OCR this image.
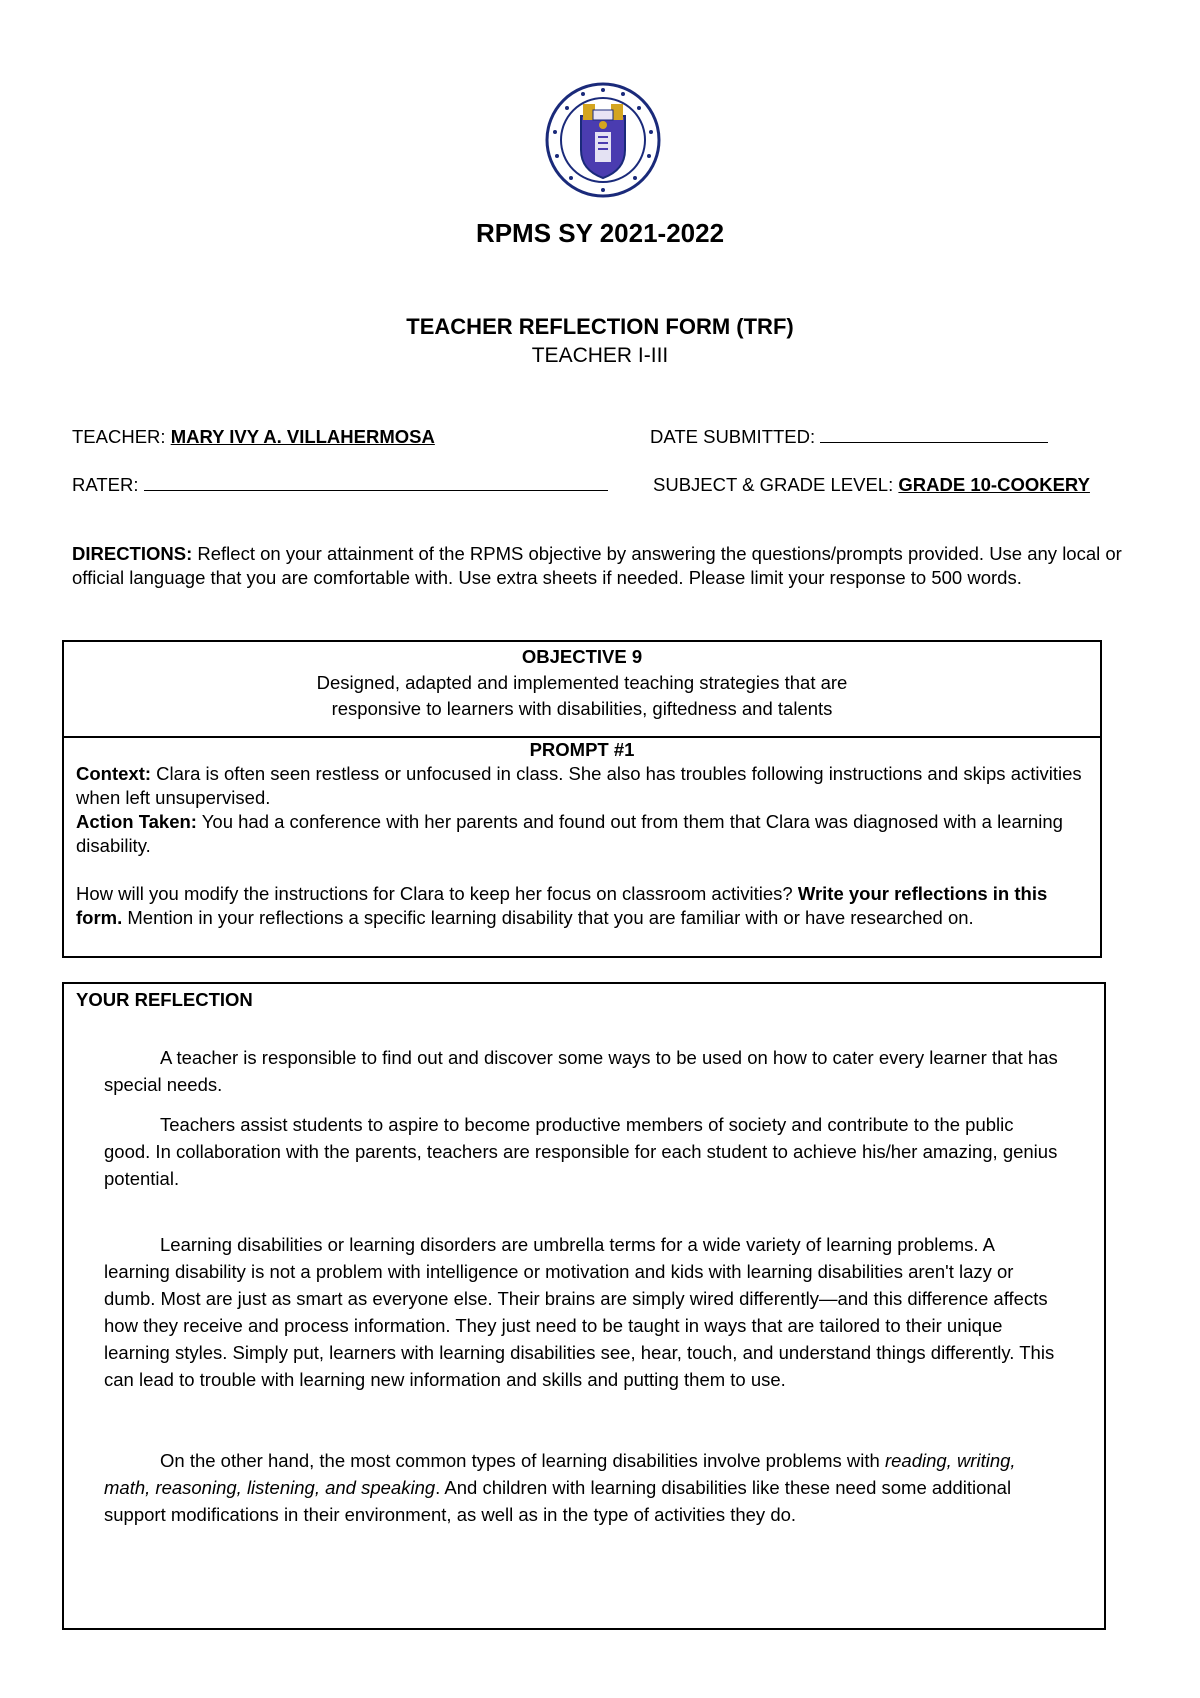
RPMS SY 2021-2022
TEACHER REFLECTION FORM (TRF)
TEACHER I-III
TEACHER: MARY IVY A. VILLAHERMOSA	DATE SUBMITTED:
RATER:	SUBJECT & GRADE LEVEL: GRADE 10-COOKERY
DIRECTIONS: Reflect on your attainment of the RPMS objective by answering the questions/prompts provided. Use any local or official language that you are comfortable with. Use extra sheets if needed. Please limit your response to 500 words.
OBJECTIVE 9
Designed, adapted and implemented teaching strategies that are
responsive to learners with disabilities, giftedness and talents
PROMPT #1
Context: Clara is often seen restless or unfocused in class. She also has troubles following instructions and skips activities when left unsupervised.
Action Taken: You had a conference with her parents and found out from them that Clara was diagnosed with a learning disability.
How will you modify the instructions for Clara to keep her focus on classroom activities? Write your reflections in this form. Mention in your reflections a specific learning disability that you are familiar with or have researched on.
YOUR REFLECTION
A teacher is responsible to find out and discover some ways to be used on how to cater every learner that has special needs.
Teachers assist students to aspire to become productive members of society and contribute to the public good. In collaboration with the parents, teachers are responsible for each student to achieve his/her amazing, genius potential.
Learning disabilities or learning disorders are umbrella terms for a wide variety of learning problems. A learning disability is not a problem with intelligence or motivation and kids with learning disabilities aren't lazy or dumb. Most are just as smart as everyone else. Their brains are simply wired differently—and this difference affects how they receive and process information. They just need to be taught in ways that are tailored to their unique learning styles. Simply put, learners with learning disabilities see, hear, touch, and understand things differently. This can lead to trouble with learning new information and skills and putting them to use.
On the other hand, the most common types of learning disabilities involve problems with reading, writing, math, reasoning, listening, and speaking. And children with learning disabilities like these need some additional support modifications in their environment, as well as in the type of activities they do.
